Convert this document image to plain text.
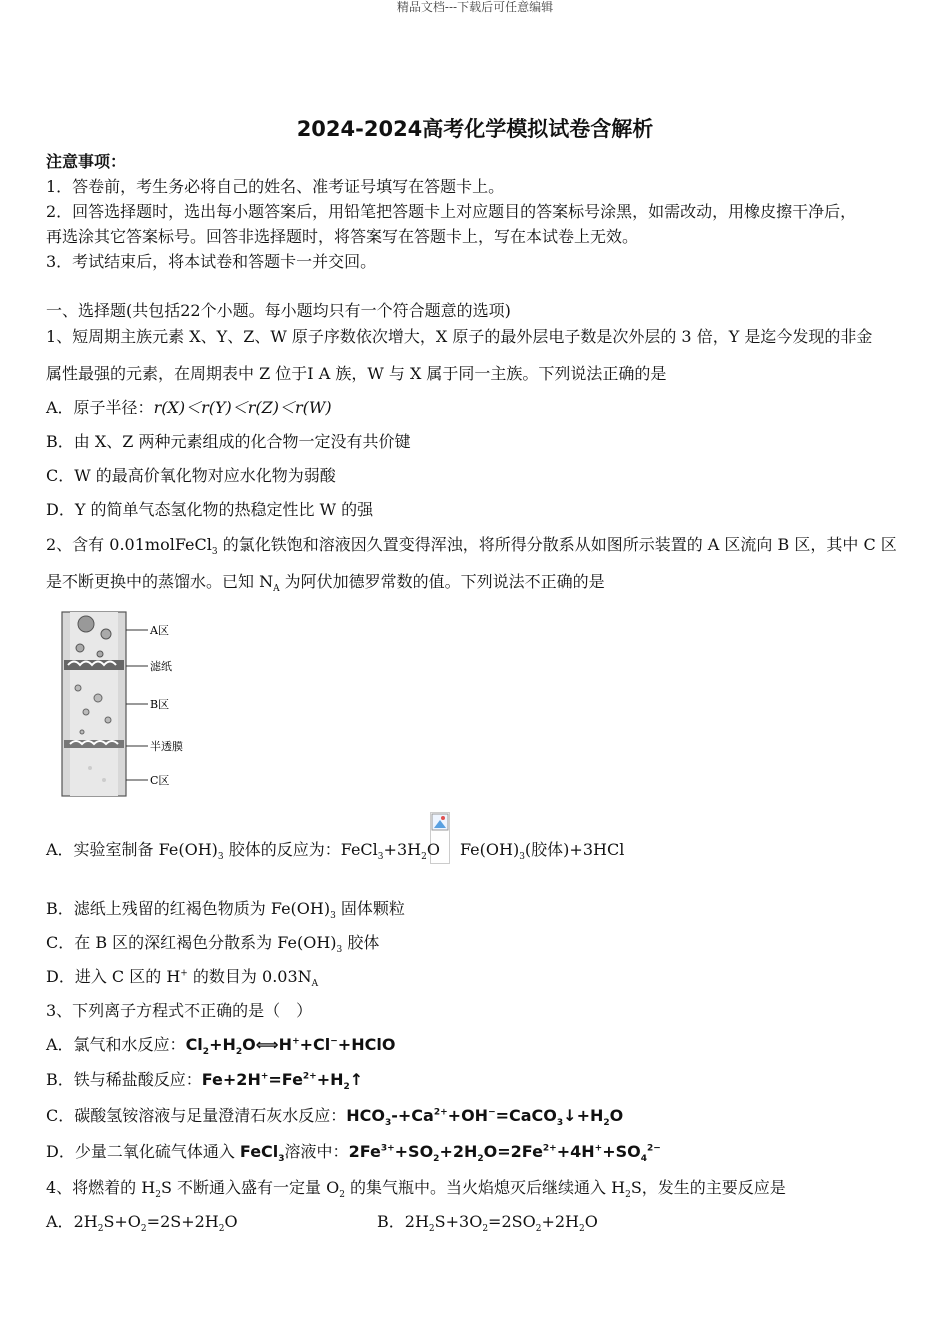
精品文档---下载后可任意编辑
2024-2024高考化学模拟试卷含解析
注意事项：
1．答卷前，考生务必将自己的姓名、准考证号填写在答题卡上。
2．回答选择题时，选出每小题答案后，用铅笔把答题卡上对应题目的答案标号涂黑，如需改动，用橡皮擦干净后，
再选涂其它答案标号。回答非选择题时，将答案写在答题卡上，写在本试卷上无效。
3．考试结束后，将本试卷和答题卡一并交回。
一、选择题(共包括22个小题。每小题均只有一个符合题意的选项)
1、短周期主族元素 X、Y、Z、W 原子序数依次增大，X 原子的最外层电子数是次外层的 3 倍，Y 是迄今发现的非金
属性最强的元素，在周期表中 Z 位于Ⅰ A 族，W 与 X 属于同一主族。下列说法正确的是
A．原子半径：r(X)＜r(Y)＜r(Z)＜r(W)
B．由 X、Z 两种元素组成的化合物一定没有共价键
C．W 的最高价氧化物对应水化物为弱酸
D．Y 的简单气态氢化物的热稳定性比 W 的强
2、含有 0.01molFeCl$_3$ 的氯化铁饱和溶液因久置变得浑浊，将所得分散系从如图所示装置的 A 区流向 B 区，其中 C 区
是不断更换中的蒸馏水。已知 $N_A$ 为阿伏加德罗常数的值。下列说法不正确的是
A区
滤纸
B区
半透膜
C区
A．实验室制备 $Fe(OH)_3$ 胶体的反应为：$FeCl_3+3H_2O$ $Fe(OH)_3$(胶体)+3HCl
B．滤纸上残留的红褐色物质为 $Fe(OH)_3$ 固体颗粒
C．在 B 区的深红褐色分散系为 $Fe(OH)_3$ 胶体
D．进入 C 区的 H+ 的数目为 $0.03N_A$
3、下列离子方程式不正确的是（　）
A．氯气和水反应：$Cl_2+H_2O⟺H^++Cl^-+HClO$
B．铁与稀盐酸反应：$Fe+2H^+=Fe^{2+}+H_2↑$
C．碳酸氢铵溶液与足量澄清石灰水反应：$HCO_3-+Ca^{2+}+OH^-=CaCO_3↓+H_2O$
D．少量二氧化硫气体通入 FeCl$_3$溶液中：$2Fe^{3+}+SO_2+2H_2O=2Fe^{2+}+4H^++SO_4^{2-}$
4、将燃着的 $H_2S$ 不断通入盛有一定量 $O_2$ 的集气瓶中。当火焰熄灭后继续通入 $H_2S$，发生的主要反应是
A．$2H_2S+O_2=2S+2H_2O$	B．$2H_2S+3O_2=2SO_2+2H_2O$
